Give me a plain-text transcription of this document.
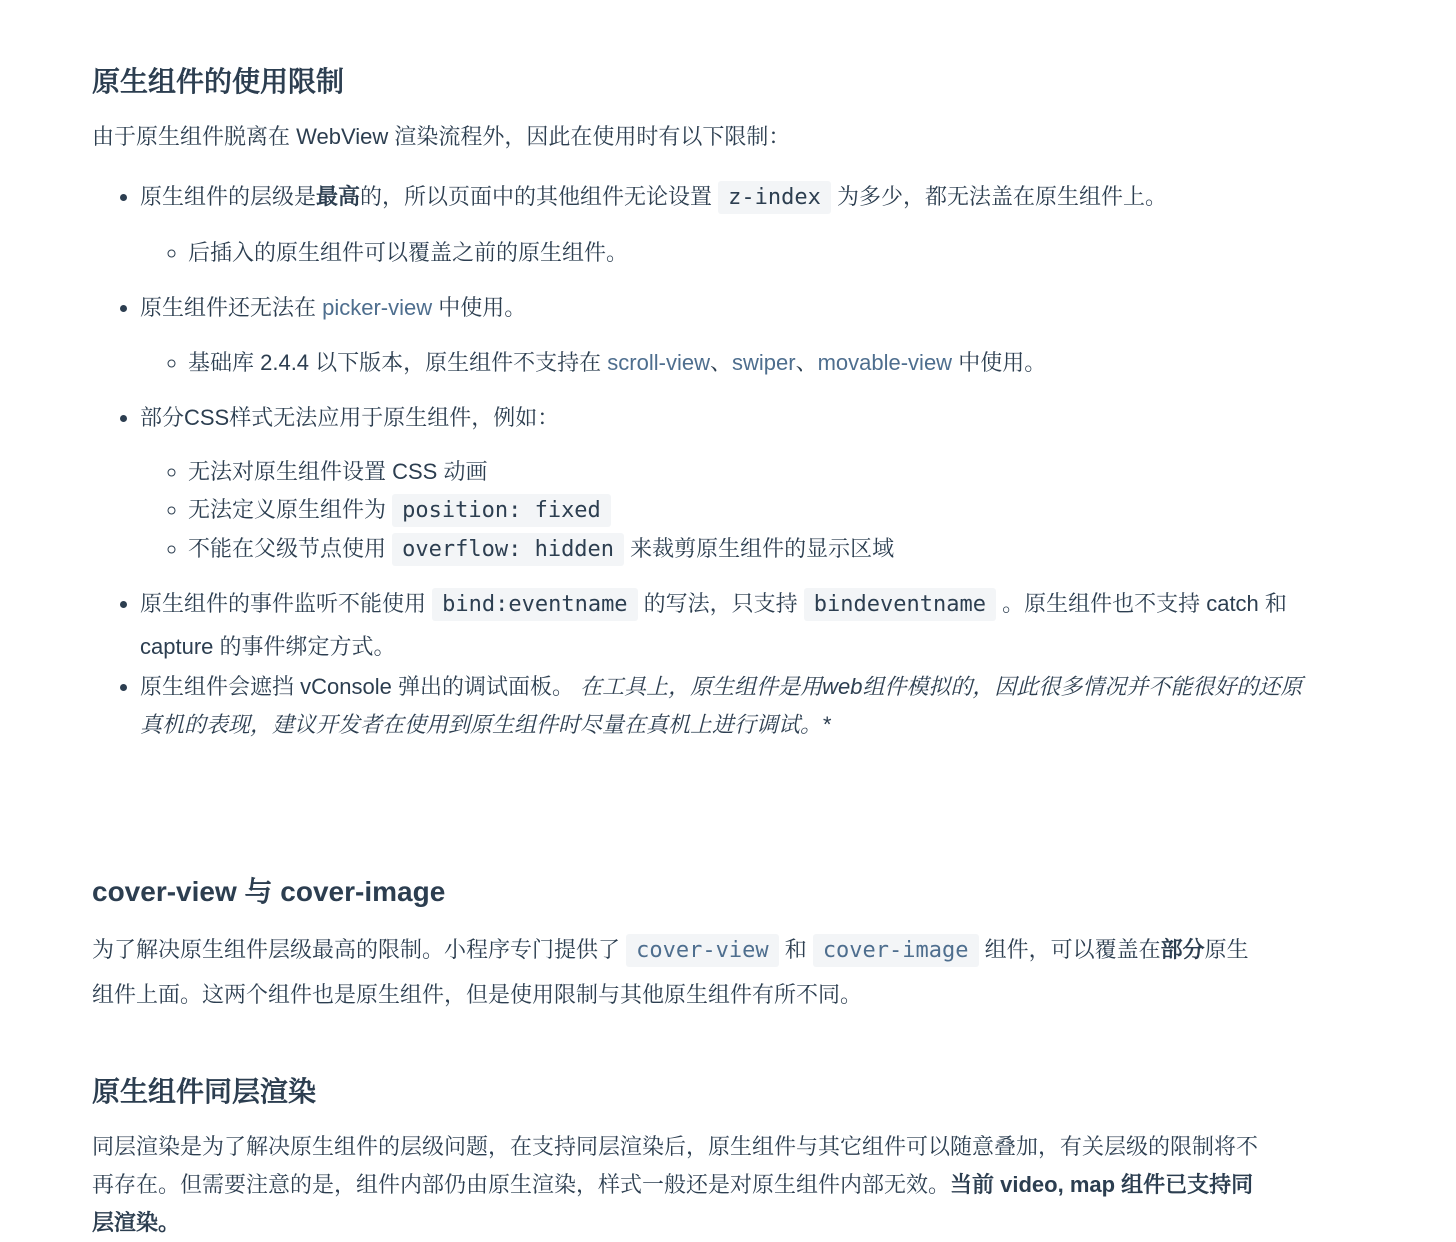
原生组件的使用限制

由于原生组件脱离在 WebView 渲染流程外，因此在使用时有以下限制：

• 原生组件的层级是最高的，所以页面中的其他组件无论设置 z-index 为多少，都无法盖在原生组件上。
◦ 后插入的原生组件可以覆盖之前的原生组件。
• 原生组件还无法在 picker-view 中使用。
◦ 基础库 2.4.4 以下版本，原生组件不支持在 scroll-view、swiper、movable-view 中使用。
• 部分CSS样式无法应用于原生组件，例如：
◦ 无法对原生组件设置 CSS 动画
◦ 无法定义原生组件为 position: fixed
◦ 不能在父级节点使用 overflow: hidden 来裁剪原生组件的显示区域
• 原生组件的事件监听不能使用 bind:eventname 的写法，只支持 bindeventname 。原生组件也不支持 catch 和 capture 的事件绑定方式。
• 原生组件会遮挡 vConsole 弹出的调试面板。 在工具上，原生组件是用web组件模拟的，因此很多情况并不能很好的还原真机的表现，建议开发者在使用到原生组件时尽量在真机上进行调试。*
cover-view 与 cover-image

为了解决原生组件层级最高的限制。小程序专门提供了 cover-view 和 cover-image 组件，可以覆盖在部分原生组件上面。这两个组件也是原生组件，但是使用限制与其他原生组件有所不同。

原生组件同层渲染

同层渲染是为了解决原生组件的层级问题，在支持同层渲染后，原生组件与其它组件可以随意叠加，有关层级的限制将不再存在。但需要注意的是，组件内部仍由原生渲染，样式一般还是对原生组件内部无效。当前 video, map 组件已支持同层渲染。
